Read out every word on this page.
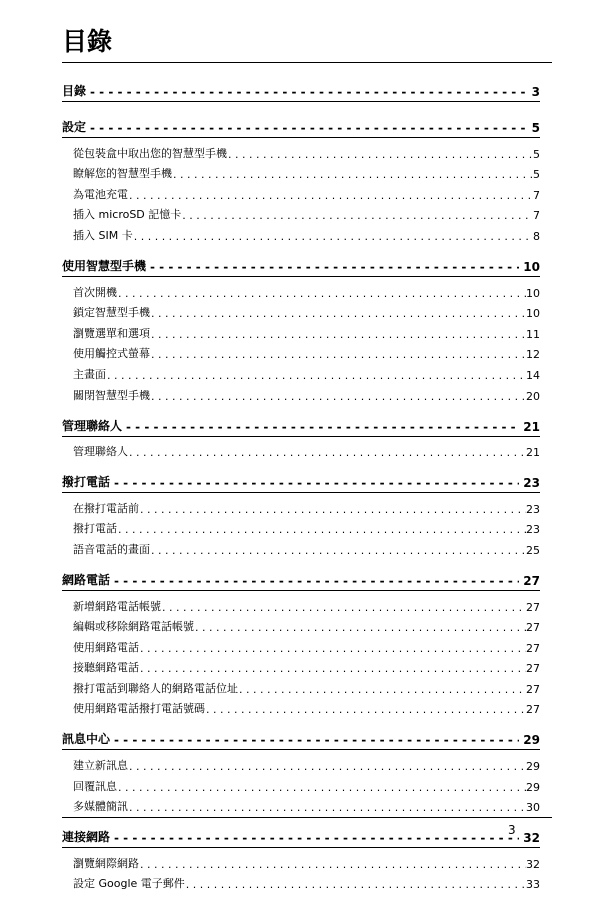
目錄
目錄 - - -	3
設定 - - -	5
從包裝盒中取出您的智慧型手機 . . .	5
瞭解您的智慧型手機 . . .	5
為電池充電 . . .	7
插入 microSD 記憶卡 . . .	7
插入 SIM 卡 . . .	8
使用智慧型手機 - - -	10
首次開機 . . .	10
鎖定智慧型手機 . . .	10
瀏覽選單和選項 . . .	11
使用觸控式螢幕 . . .	12
主畫面 . . .	14
關閉智慧型手機 . . .	20
管理聯絡人 - - -	21
管理聯絡人 . . .	21
撥打電話 - - -	23
在撥打電話前 . . .	23
撥打電話 . . .	23
語音電話的畫面 . . .	25
網路電話 - - -	27
新增網路電話帳號 . . .	27
編輯或移除網路電話帳號 . . .	27
使用網路電話 . . .	27
接聽網路電話 . . .	27
撥打電話到聯絡人的網路電話位址 . . .	27
使用網路電話撥打電話號碼 . . .	27
訊息中心 - - -	29
建立新訊息 . . .	29
回覆訊息 . . .	29
多媒體簡訊 . . .	30
連接網路 - - -	32
瀏覽網際網路 . . .	32
設定 Google 電子郵件 . . .	33
3
